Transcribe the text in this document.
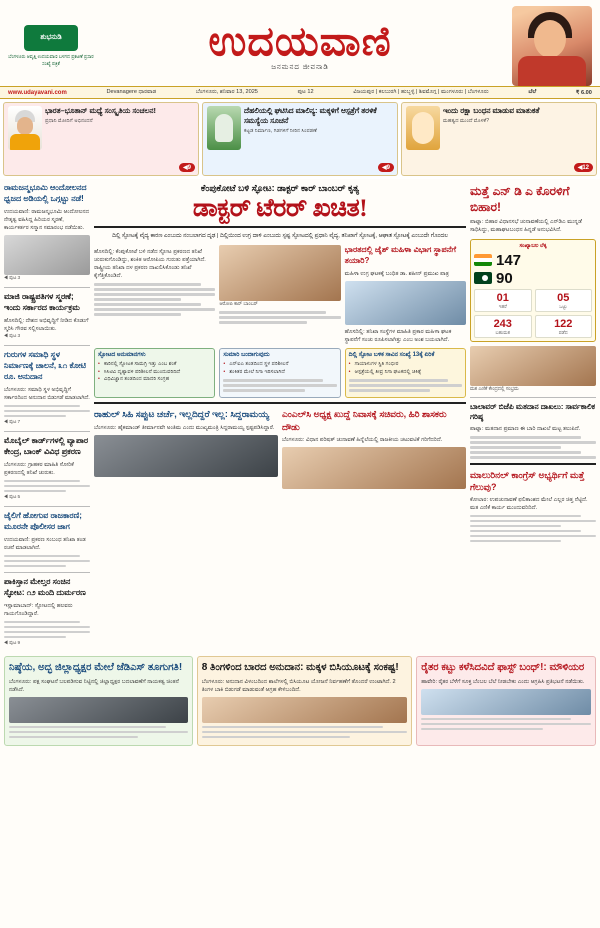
ಶುಭನುಡಿ
ಬೆಂಗಳೂರು ಆವೃತ್ತಿ ಉದಯವಾಣಿ ಬಳಗದ ಪ್ರಕಟಣೆ ಪ್ರಸಾರ ಸಂಖ್ಯೆ ಪತ್ರಿಕೆ	ಉದಯವಾಣಿ
ಜನಮನದ ಜೀವನಾಡಿ
www.udayavani.com	Devanagere ಧಾರವಾಡ	ಬೆಂಗಳೂರು, ಶನಿವಾರ 13, 2025	ಪುಟ 12	ವಿಜಯಪುರ | ಕಲಬುರಗಿ | ಹುಬ್ಬಳ್ಳಿ | ಶಿವಮೊಗ್ಗ | ಮಂಗಳೂರು | ಬೆಂಗಳೂರು	ಬೆಲೆ	₹ 6.00
ಭಾರತ–ಭೂತಾನ್ ಮಧ್ಯೆ ಸಂಸ್ಕೃತಿಯ ಸಂಚಲನ!
ಪ್ರಧಾನಿ ಮೋದಿಗೆ ಅಭಿನಂದನೆ
◀9
ದೆಹಲಿಯಲ್ಲಿ ಘಟಿಸಿದ ಮಾಲಿನ್ಯ: ಮಕ್ಕಳಿಗೆ ಆಸ್ಪತ್ರೆಗೆ ತರಳಿಕೆ ಸಮಸ್ಯೆಯ ಸೂಚನೆ
ಕಟ್ಟಡ ನಿರ್ಮಾಣ, ಗಿಡಗಳಿಗೆ ನೀರಿನ ಸಿಂಪಡಣೆ
◀9
ಇಂದು ರಕ್ಷಾ ಬಂಧನ ಮಾಡುವ ಮಾತುಕತೆ
ಮಹತ್ವದ ಮುಂದೆ ಮೊಳಕೆ?
◀12
ರಾಮಜನ್ಮಭೂಮಿ ಆಂದೋಲನದ ಧ್ವಜದ ಅಡಿಯಲ್ಲಿ ಒಗ್ಗಟ್ಟು ನಡೆ!
ಉದಯವಾಣಿ: ರಾಮಜನ್ಮಭೂಮಿ ಆಂದೋಲನದ ನೇತೃತ್ವ ವಹಿಸಿದ್ದ ಹಿರಿಯರ ಸ್ಮರಣೆ, ಕಾರ್ಯಕರ್ತರ ಸನ್ಮಾನ ಸಮಾರಂಭ ನಡೆಯಿತು.
◀ ಪುಟ 3
ಮಾಜಿ ರಾಷ್ಟ್ರಪತಿಗಳ ಸ್ಮರಣೆ; ಇಂದು ಸರ್ಕಾರದ ಕಾರ್ಯಕ್ರಮ
ಹೊಸದಿಲ್ಲಿ: ದೇಶದ ಅಭಿವೃದ್ಧಿಗೆ ನೀಡಿದ ಕೊಡುಗೆ ಸ್ಮರಿಸಿ ಗೌರವ ಸಲ್ಲಿಸಲಾಯಿತು.
◀ ಪುಟ 3
ಗುರುಗಳ ಸಮಾಧಿ ಸ್ಥಳ ನಿರ್ಮಾಣಕ್ಕೆ ಚಾಲನೆ, ೩೧ ಕೋಟಿ ರೂ. ಅನುದಾನ
ಬೆಂಗಳೂರು: ಸಮಾಧಿ ಸ್ಥಳ ಅಭಿವೃದ್ಧಿಗೆ ಸರ್ಕಾರದಿಂದ ಅನುದಾನ ಬಿಡುಗಡೆ ಮಾಡಲಾಗಿದೆ.
◀ ಪುಟ 7
ಮೊಬೈಲ್ ಕಾರ್ಡ್‌ಗಳಲ್ಲಿ ವ್ಯಾಪಾರ ಕೇಂದ್ರ, ಬಾಂಕ್ ವಿವಿಧ ಪ್ರಕರಣ
ಬೆಂಗಳೂರು: ಗ್ರಾಹಕರ ಮಾಹಿತಿ ಸೋರಿಕೆ ಪ್ರಕರಣದಲ್ಲಿ ತನಿಖೆ ಚುರುಕು.
◀ ಪುಟ 5
ಜೈಲಿಗೆ ಹೋಗುವ ರಾಜಕಾರಣಿ; ಮೂರನೇ ಪೊಲೀಸರ ಜಾಗ
ಉದಯವಾಣಿ: ಪ್ರಕರಣ ಸಂಬಂಧ ತನಿಖಾ ತಂಡ ರಚನೆ ಮಾಡಲಾಗಿದೆ.
ಪಾಕಿಸ್ತಾನ ಮೇಲ್ತರ ಸಂಚಿನ ಸ್ಫೋಟ: ೧೨ ಮಂದಿ ದುರ್ಮರಣ
ಇಸ್ಲಾಮಾಬಾದ್: ಸ್ಫೋಟದಲ್ಲಿ ಹಲವರು ಗಾಯಗೊಂಡಿದ್ದಾರೆ.
◀ ಪುಟ 9
ಕೆಂಪುಕೋಟೆ ಬಳಿ ಸ್ಫೋಟ: ಡಾಕ್ಟರ್ ಕಾರ್ ಬಾಂಬರ್ ಕೃತ್ಯ
ಡಾಕ್ಟರ್ ಟೆರರ್ ಖಚಿತ!
ದಿಲ್ಲಿ ಸ್ಫೋಟಕ್ಕೆ ವೈದ್ಯ ಕಾರಣ ಎಂಬುದು ನಂಬಲಾಗದ ದೃಢ | ದಿಲ್ಲಿಯಿಂದ ಉಗ್ರ ದಾಳಿ ಎಂಬುದು ಸ್ಪಷ್ಟ ಸ್ಫೋಟದಲ್ಲಿ ಪ್ರಧಾನಿ ವೈದ್ಯ, ತನಿಖಾಗೆ ಸ್ಫೋಟಕ್ಕೆ, ಆಘಾತ ಸ್ಫೋಟಕ್ಕೆ ಎಂಬುದೇ ಗೊಂದಲ
ಹೊಸದಿಲ್ಲಿ: ಕೆಂಪುಕೋಟೆ ಬಳಿ ನಡೆದ ಸ್ಫೋಟ ಪ್ರಕರಣದ ತನಿಖೆ ಚುರುಕುಗೊಂಡಿದ್ದು, ಶಂಕಿತ ಆರೋಪಿಯ ಗುರುತು ಪತ್ತೆಯಾಗಿದೆ. ರಾಷ್ಟ್ರೀಯ ತನಿಖಾ ದಳ ಪ್ರಕರಣ ದಾಖಲಿಸಿಕೊಂಡು ತನಿಖೆ ಕೈಗೆತ್ತಿಕೊಂಡಿದೆ.
ಆರೋಪಿ ಕಾರ್ ಬಾಂಬರ್
ಭಾರತದಲ್ಲಿ ಜೈಶ್ ಮಹಿಳಾ ವಿಭಾಗ ಸ್ಥಾಪನೆಗೆ ತಯಾರಿ?
ಮಹಿಳಾ ಉಗ್ರ ಘಟಕಕ್ಕೆ ಬಂಧಿತ ಡಾ. ಶಹೀನ್ ಪ್ರಮುಖ ಪಾತ್ರ
ಹೊಸದಿಲ್ಲಿ: ತನಿಖಾ ಸಂಸ್ಥೆಗಳ ಮಾಹಿತಿ ಪ್ರಕಾರ ಮಹಿಳಾ ಘಟಕ ಸ್ಥಾಪನೆಗೆ ಸಂಚು ರೂಪಿಸಲಾಗಿತ್ತು ಎಂಬ ಅಂಶ ಬಯಲಾಗಿದೆ.
ಸ್ಫೋಟದ ಅನುಮಾನಗಳು
• ಕಾರಿನಲ್ಲಿ ಸ್ಫೋಟಕ ಸಾಮಗ್ರಿ ಇತ್ತು ಎಂಬ ಶಂಕೆ
• ಸಿಸಿಟಿವಿ ದೃಶ್ಯಾವಳಿ ಪರಿಶೀಲನೆ ಮುಂದುವರಿದಿದೆ
• ವಿಧಿವಿಜ್ಞಾನ ತಂಡದಿಂದ ಮಾದರಿ ಸಂಗ್ರಹ
ಸುಮಾರಿ ಬಂದಾಗುವುದು
• ಎನ್‌ಐಎ ತಂಡದಿಂದ ಸ್ಥಳ ಪರಿಶೀಲನೆ
• ಶಂಕಿತರ ಮೇಲೆ ನಿಗಾ ಇರಿಸಲಾಗಿದೆ
ದಿಲ್ಲಿ ಸ್ಫೋಟ ಬಳಿಕ ಸಾವಿನ ಸಂಖ್ಯೆ 13ಕ್ಕೆ ಏರಿಕೆ
• ಗಾಯಾಳುಗಳ ಸ್ಥಿತಿ ಗಂಭೀರ
• ಆಸ್ಪತ್ರೆಯಲ್ಲಿ ತೀವ್ರ ನಿಗಾ ಘಟಕದಲ್ಲಿ ಚಿಕಿತ್ಸೆ
ರಾಹುಲ್ ಸಿಹಿ ಸಪ್ಪುಟ ಚರ್ಚೆ, ಇಲ್ಲದಿದ್ದರೆ ಇಲ್ಲ: ಸಿದ್ದರಾಮಯ್ಯ
ಬೆಂಗಳೂರು: ಹೈಕಮಾಂಡ್ ತೀರ್ಮಾನವೇ ಅಂತಿಮ ಎಂದು ಮುಖ್ಯಮಂತ್ರಿ ಸಿದ್ದರಾಮಯ್ಯ ಸ್ಪಷ್ಟಪಡಿಸಿದ್ದಾರೆ.
ಎಂಎಲ್‌ಸಿ ಅಧ್ಯಕ್ಷ ಖುದ್ದೆ ನಿವಾಸಕ್ಕೆ ಸಚಿವರು, ಹಿರಿ ಶಾಸಕರು ದೌಡು
ಬೆಂಗಳೂರು: ವಿಧಾನ ಪರಿಷತ್ ಚುನಾವಣೆ ಹಿನ್ನೆಲೆಯಲ್ಲಿ ರಾಜಕೀಯ ಚಟುವಟಿಕೆ ಗರಿಗೆದರಿದೆ.
ಮತ್ತೆ ಎನ್ ಡಿ ಎ ಕೊರಳಿಗೆ ಬಿಹಾರ!
ಪಾಟ್ನಾ: ಬಿಹಾರ ವಿಧಾನಸಭೆ ಚುನಾವಣೆಯಲ್ಲಿ ಎನ್‌ಡಿಎ ಮುನ್ನಡೆ ಸಾಧಿಸಿದ್ದು, ಮಹಾಘಟಬಂಧನ ಹಿನ್ನಡೆ ಅನುಭವಿಸಿದೆ.
ಸಂಖ್ಯಾಬಲ ಲೆಕ್ಕ
147
90
01
ಇತರೆ
05
ಒಟ್ಟು
243
ಬಹುಮತ
122
ಪಡೆದ
ಮತ ಎಣಿಕೆ ಕೇಂದ್ರದಲ್ಲಿ ಸಂಭ್ರಮ
ಬಾಲಾವರ್ ಬಿಜೆಪಿ ಮತದಾನ ದಾಖಲು: ಸಾರ್ವಕಾಲಿಕ ಗರಿಷ್ಠ
ಪಾಟ್ನಾ: ಮತದಾನ ಪ್ರಮಾಣ ಈ ಬಾರಿ ದಾಖಲೆ ಮಟ್ಟ ತಲುಪಿದೆ.
ಮಾಲುರಿನಲ್ ಕಾಂಗ್ರೆಸ್ ಅಭ್ಯರ್ಥಿಗೆ ಮತ್ತೆ ಗೆಲುವು?
ಕೋಲಾರ: ಉಪಚುನಾವಣೆ ಫಲಿತಾಂಶದ ಮೇಲೆ ಎಲ್ಲರ ಚಿತ್ತ ನೆಟ್ಟಿದೆ. ಮತ ಎಣಿಕೆ ಕಾರ್ಯ ಮುಂದುವರಿದಿದೆ.
ನಿಷ್ಠೆಯ, ಅದ್ಭ ಜಿಲ್ಲಾಧ್ಯಕ್ಷರ ಮೇಲೆ ಜೆಡಿಎಸ್ ತೂಗುಗತಿ!
ಬೆಂಗಳೂರು: ಪಕ್ಷ ಸಂಘಟನೆ ಬಲಪಡಿಸುವ ನಿಟ್ಟಿನಲ್ಲಿ ಜಿಲ್ಲಾಧ್ಯಕ್ಷರ ಬದಲಾವಣೆಗೆ ನಾಯಕತ್ವ ಚಿಂತನೆ ನಡೆಸಿದೆ.
8 ತಿಂಗಳಿಂದ ಬಾರದ ಅನುದಾನ: ಮಕ್ಕಳ ಬಿಸಿಯೂಟಕ್ಕೆ ಸಂಕಷ್ಟ!
ಬೆಂಗಳೂರು: ಅನುದಾನ ವಿಳಂಬದಿಂದ ಶಾಲೆಗಳಲ್ಲಿ ಬಿಸಿಯೂಟ ಯೋಜನೆ ನಿರ್ವಹಣೆಗೆ ತೊಂದರೆ ಉಂಟಾಗಿದೆ. 2 ತಿಂಗಳ ಬಾಕಿ ಬಿಡುಗಡೆ ಮಾಡುವಂತೆ ಆಗ್ರಹ ಕೇಳಿಬಂದಿದೆ.
ರೈತರ ಕಟ್ಟು ಕಳೆಸಿದವಿದೆ ಫಾಸ್ಟ್ ಬಂಧ್!: ಮೌಳಿಯರ
ಹಾವೇರಿ: ರೈತರ ಬೆಳೆಗೆ ಸೂಕ್ತ ಬೆಂಬಲ ಬೆಲೆ ನೀಡಬೇಕು ಎಂದು ಆಗ್ರಹಿಸಿ ಪ್ರತಿಭಟನೆ ನಡೆಯಿತು.
